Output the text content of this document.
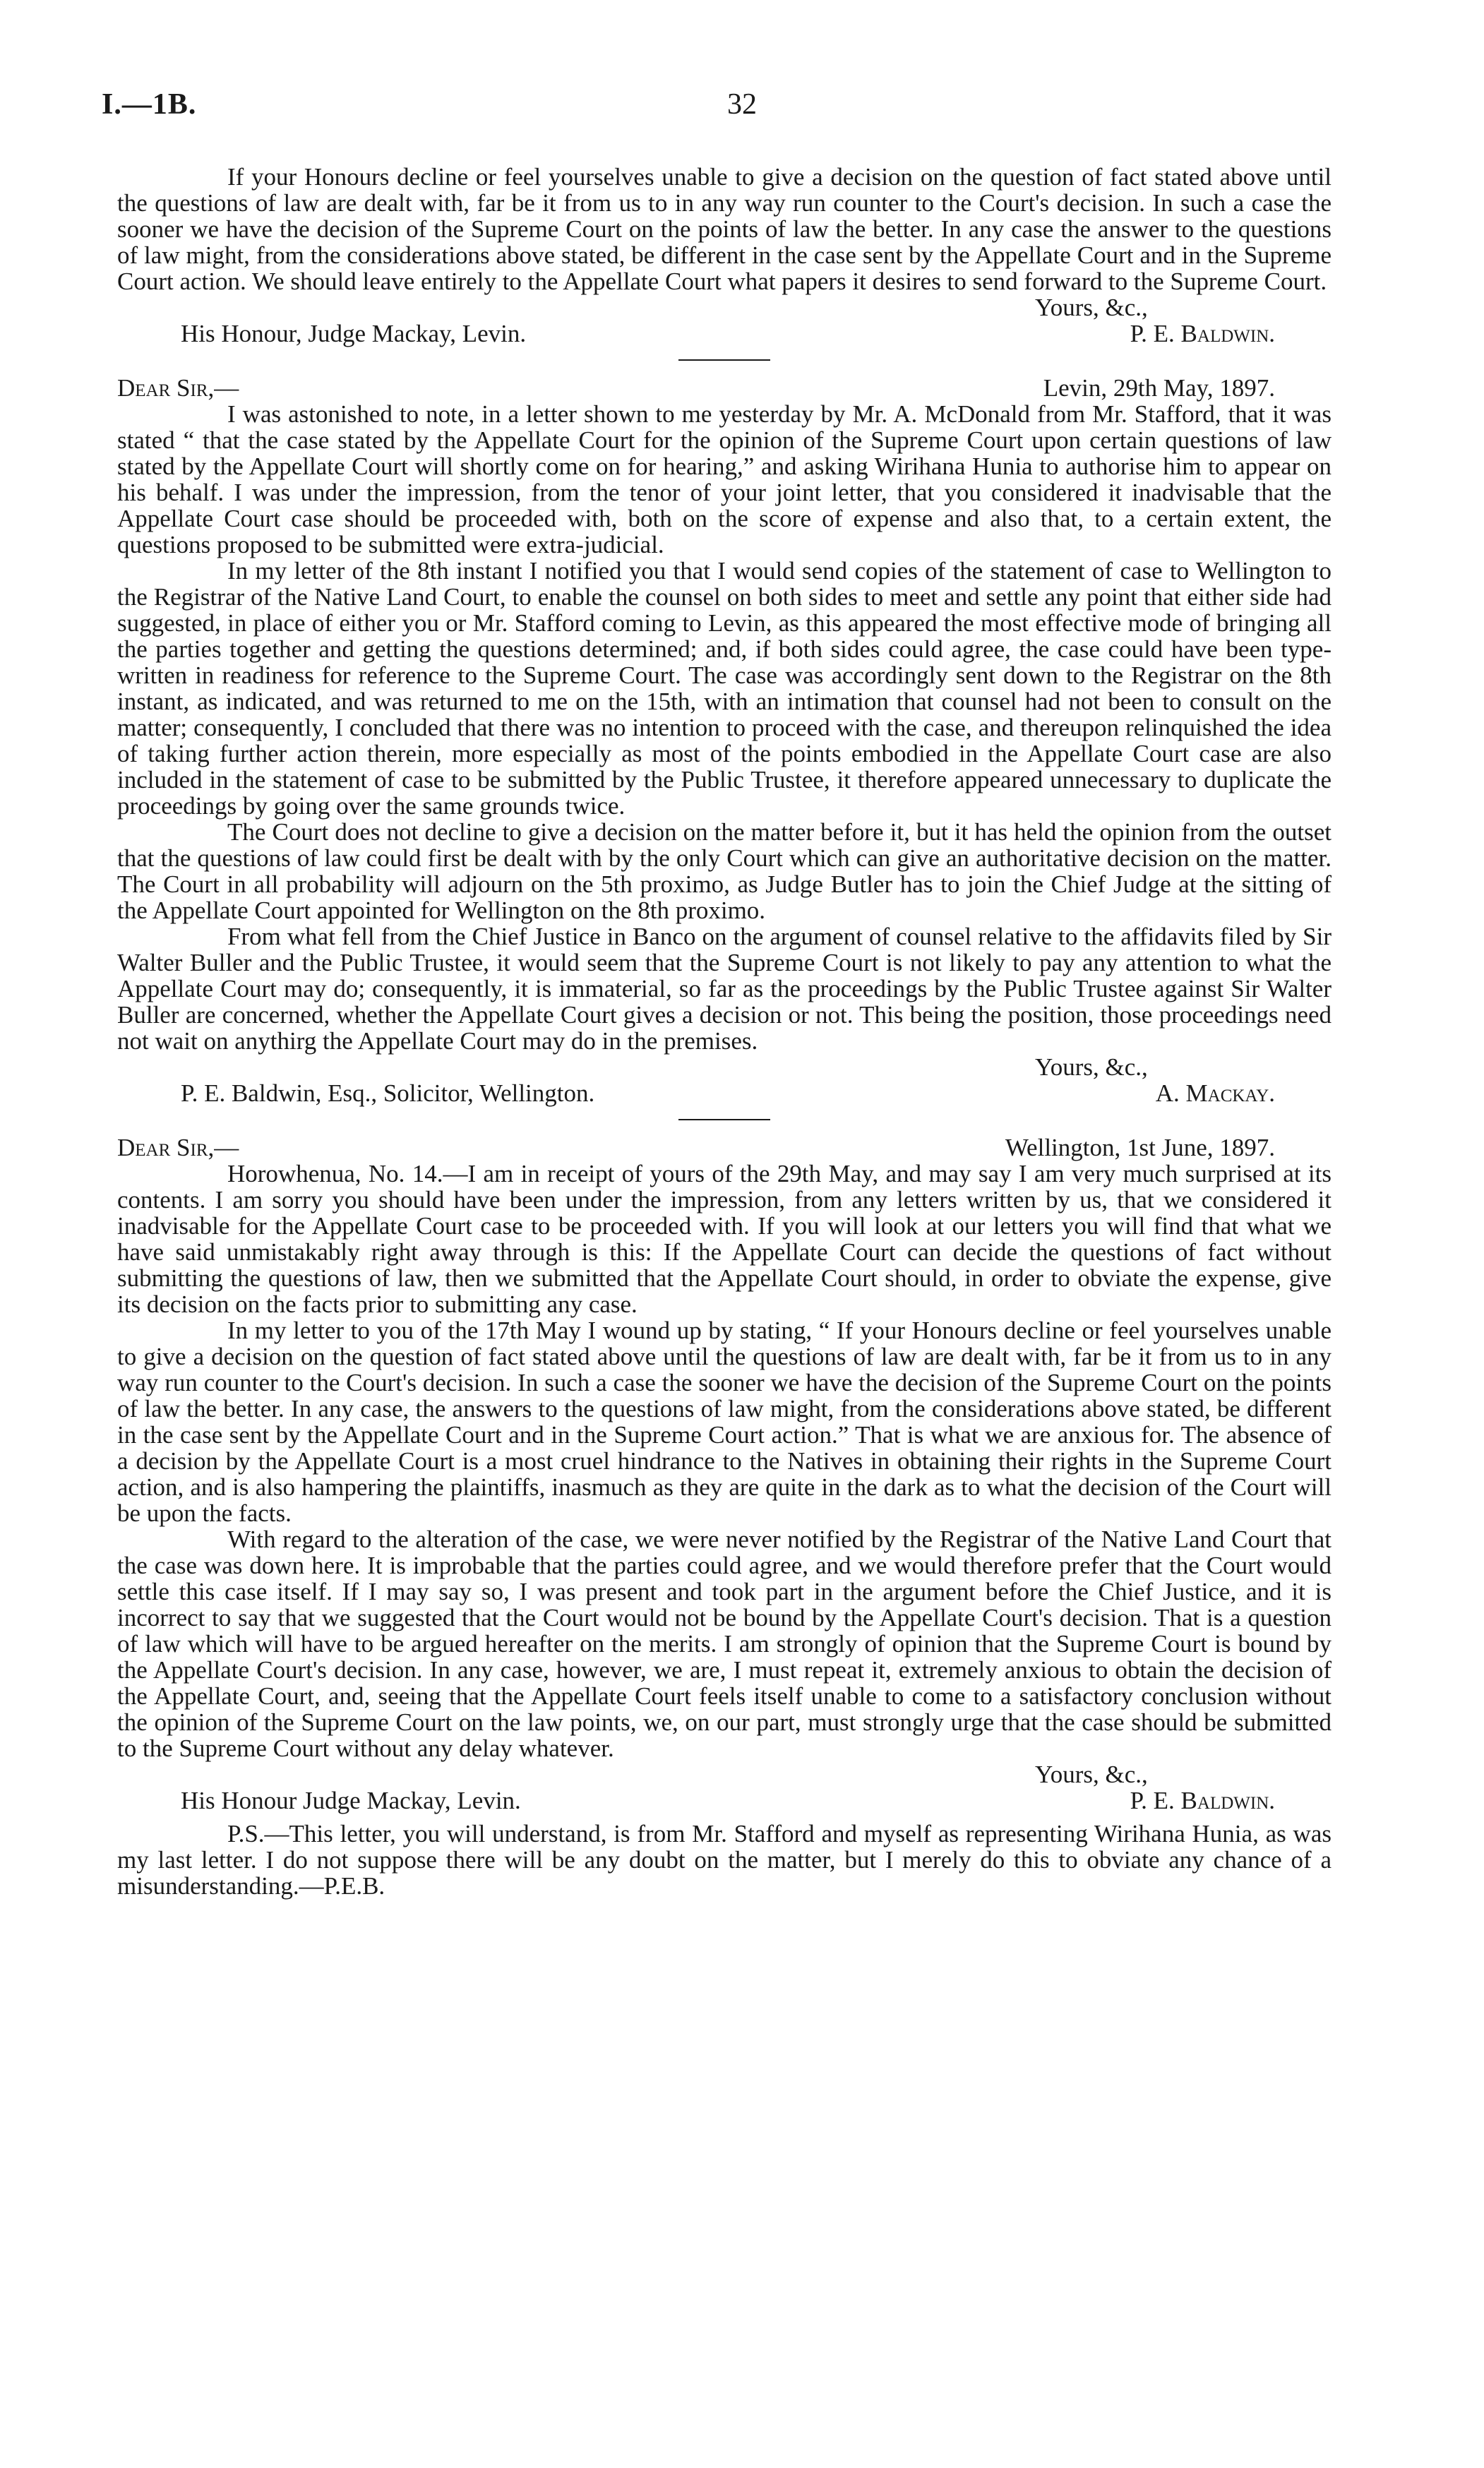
I.—1B.	32

If your Honours decline or feel yourselves unable to give a decision on the question of fact stated above until the questions of law are dealt with, far be it from us to in any way run counter to the Court's decision. In such a case the sooner we have the decision of the Supreme Court on the points of law the better. In any case the answer to the questions of law might, from the considerations above stated, be different in the case sent by the Appellate Court and in the Supreme Court action. We should leave entirely to the Appellate Court what papers it desires to send forward to the Supreme Court.

Yours, &c.,
His Honour, Judge Mackay, Levin.	P. E. Baldwin.
Dear Sir,—	Levin, 29th May, 1897.

I was astonished to note, in a letter shown to me yesterday by Mr. A. McDonald from Mr. Stafford, that it was stated “ that the case stated by the Appellate Court for the opinion of the Supreme Court upon certain questions of law stated by the Appellate Court will shortly come on for hearing,” and asking Wirihana Hunia to authorise him to appear on his behalf. I was under the impression, from the tenor of your joint letter, that you considered it inadvisable that the Appellate Court case should be proceeded with, both on the score of expense and also that, to a certain extent, the questions proposed to be submitted were extra-judicial.

In my letter of the 8th instant I notified you that I would send copies of the statement of case to Wellington to the Registrar of the Native Land Court, to enable the counsel on both sides to meet and settle any point that either side had suggested, in place of either you or Mr. Stafford coming to Levin, as this appeared the most effective mode of bringing all the parties together and getting the questions determined; and, if both sides could agree, the case could have been type-written in readiness for reference to the Supreme Court. The case was accordingly sent down to the Registrar on the 8th instant, as indicated, and was returned to me on the 15th, with an intimation that counsel had not been to consult on the matter; consequently, I concluded that there was no intention to proceed with the case, and thereupon relinquished the idea of taking further action therein, more especially as most of the points embodied in the Appellate Court case are also included in the statement of case to be submitted by the Public Trustee, it therefore appeared unnecessary to duplicate the proceedings by going over the same grounds twice.

The Court does not decline to give a decision on the matter before it, but it has held the opinion from the outset that the questions of law could first be dealt with by the only Court which can give an authoritative decision on the matter. The Court in all probability will adjourn on the 5th proximo, as Judge Butler has to join the Chief Judge at the sitting of the Appellate Court appointed for Wellington on the 8th proximo.

From what fell from the Chief Justice in Banco on the argument of counsel relative to the affidavits filed by Sir Walter Buller and the Public Trustee, it would seem that the Supreme Court is not likely to pay any attention to what the Appellate Court may do; consequently, it is immaterial, so far as the proceedings by the Public Trustee against Sir Walter Buller are concerned, whether the Appellate Court gives a decision or not. This being the position, those proceedings need not wait on anythirg the Appellate Court may do in the premises.

Yours, &c.,
P. E. Baldwin, Esq., Solicitor, Wellington.	A. Mackay.
Dear Sir,—	Wellington, 1st June, 1897.

Horowhenua, No. 14.—I am in receipt of yours of the 29th May, and may say I am very much surprised at its contents. I am sorry you should have been under the impression, from any letters written by us, that we considered it inadvisable for the Appellate Court case to be proceeded with. If you will look at our letters you will find that what we have said unmistakably right away through is this: If the Appellate Court can decide the questions of fact without submitting the questions of law, then we submitted that the Appellate Court should, in order to obviate the expense, give its decision on the facts prior to submitting any case.

In my letter to you of the 17th May I wound up by stating, “ If your Honours decline or feel yourselves unable to give a decision on the question of fact stated above until the questions of law are dealt with, far be it from us to in any way run counter to the Court's decision. In such a case the sooner we have the decision of the Supreme Court on the points of law the better. In any case, the answers to the questions of law might, from the considerations above stated, be different in the case sent by the Appellate Court and in the Supreme Court action.” That is what we are anxious for. The absence of a decision by the Appellate Court is a most cruel hindrance to the Natives in obtaining their rights in the Supreme Court action, and is also hampering the plaintiffs, inasmuch as they are quite in the dark as to what the decision of the Court will be upon the facts.

With regard to the alteration of the case, we were never notified by the Registrar of the Native Land Court that the case was down here. It is improbable that the parties could agree, and we would therefore prefer that the Court would settle this case itself. If I may say so, I was present and took part in the argument before the Chief Justice, and it is incorrect to say that we suggested that the Court would not be bound by the Appellate Court's decision. That is a question of law which will have to be argued hereafter on the merits. I am strongly of opinion that the Supreme Court is bound by the Appellate Court's decision. In any case, however, we are, I must repeat it, extremely anxious to obtain the decision of the Appellate Court, and, seeing that the Appellate Court feels itself unable to come to a satisfactory conclusion without the opinion of the Supreme Court on the law points, we, on our part, must strongly urge that the case should be submitted to the Supreme Court without any delay whatever.

Yours, &c.,
His Honour Judge Mackay, Levin.	P. E. Baldwin.

P.S.—This letter, you will understand, is from Mr. Stafford and myself as representing Wirihana Hunia, as was my last letter. I do not suppose there will be any doubt on the matter, but I merely do this to obviate any chance of a misunderstanding.—P.E.B.
